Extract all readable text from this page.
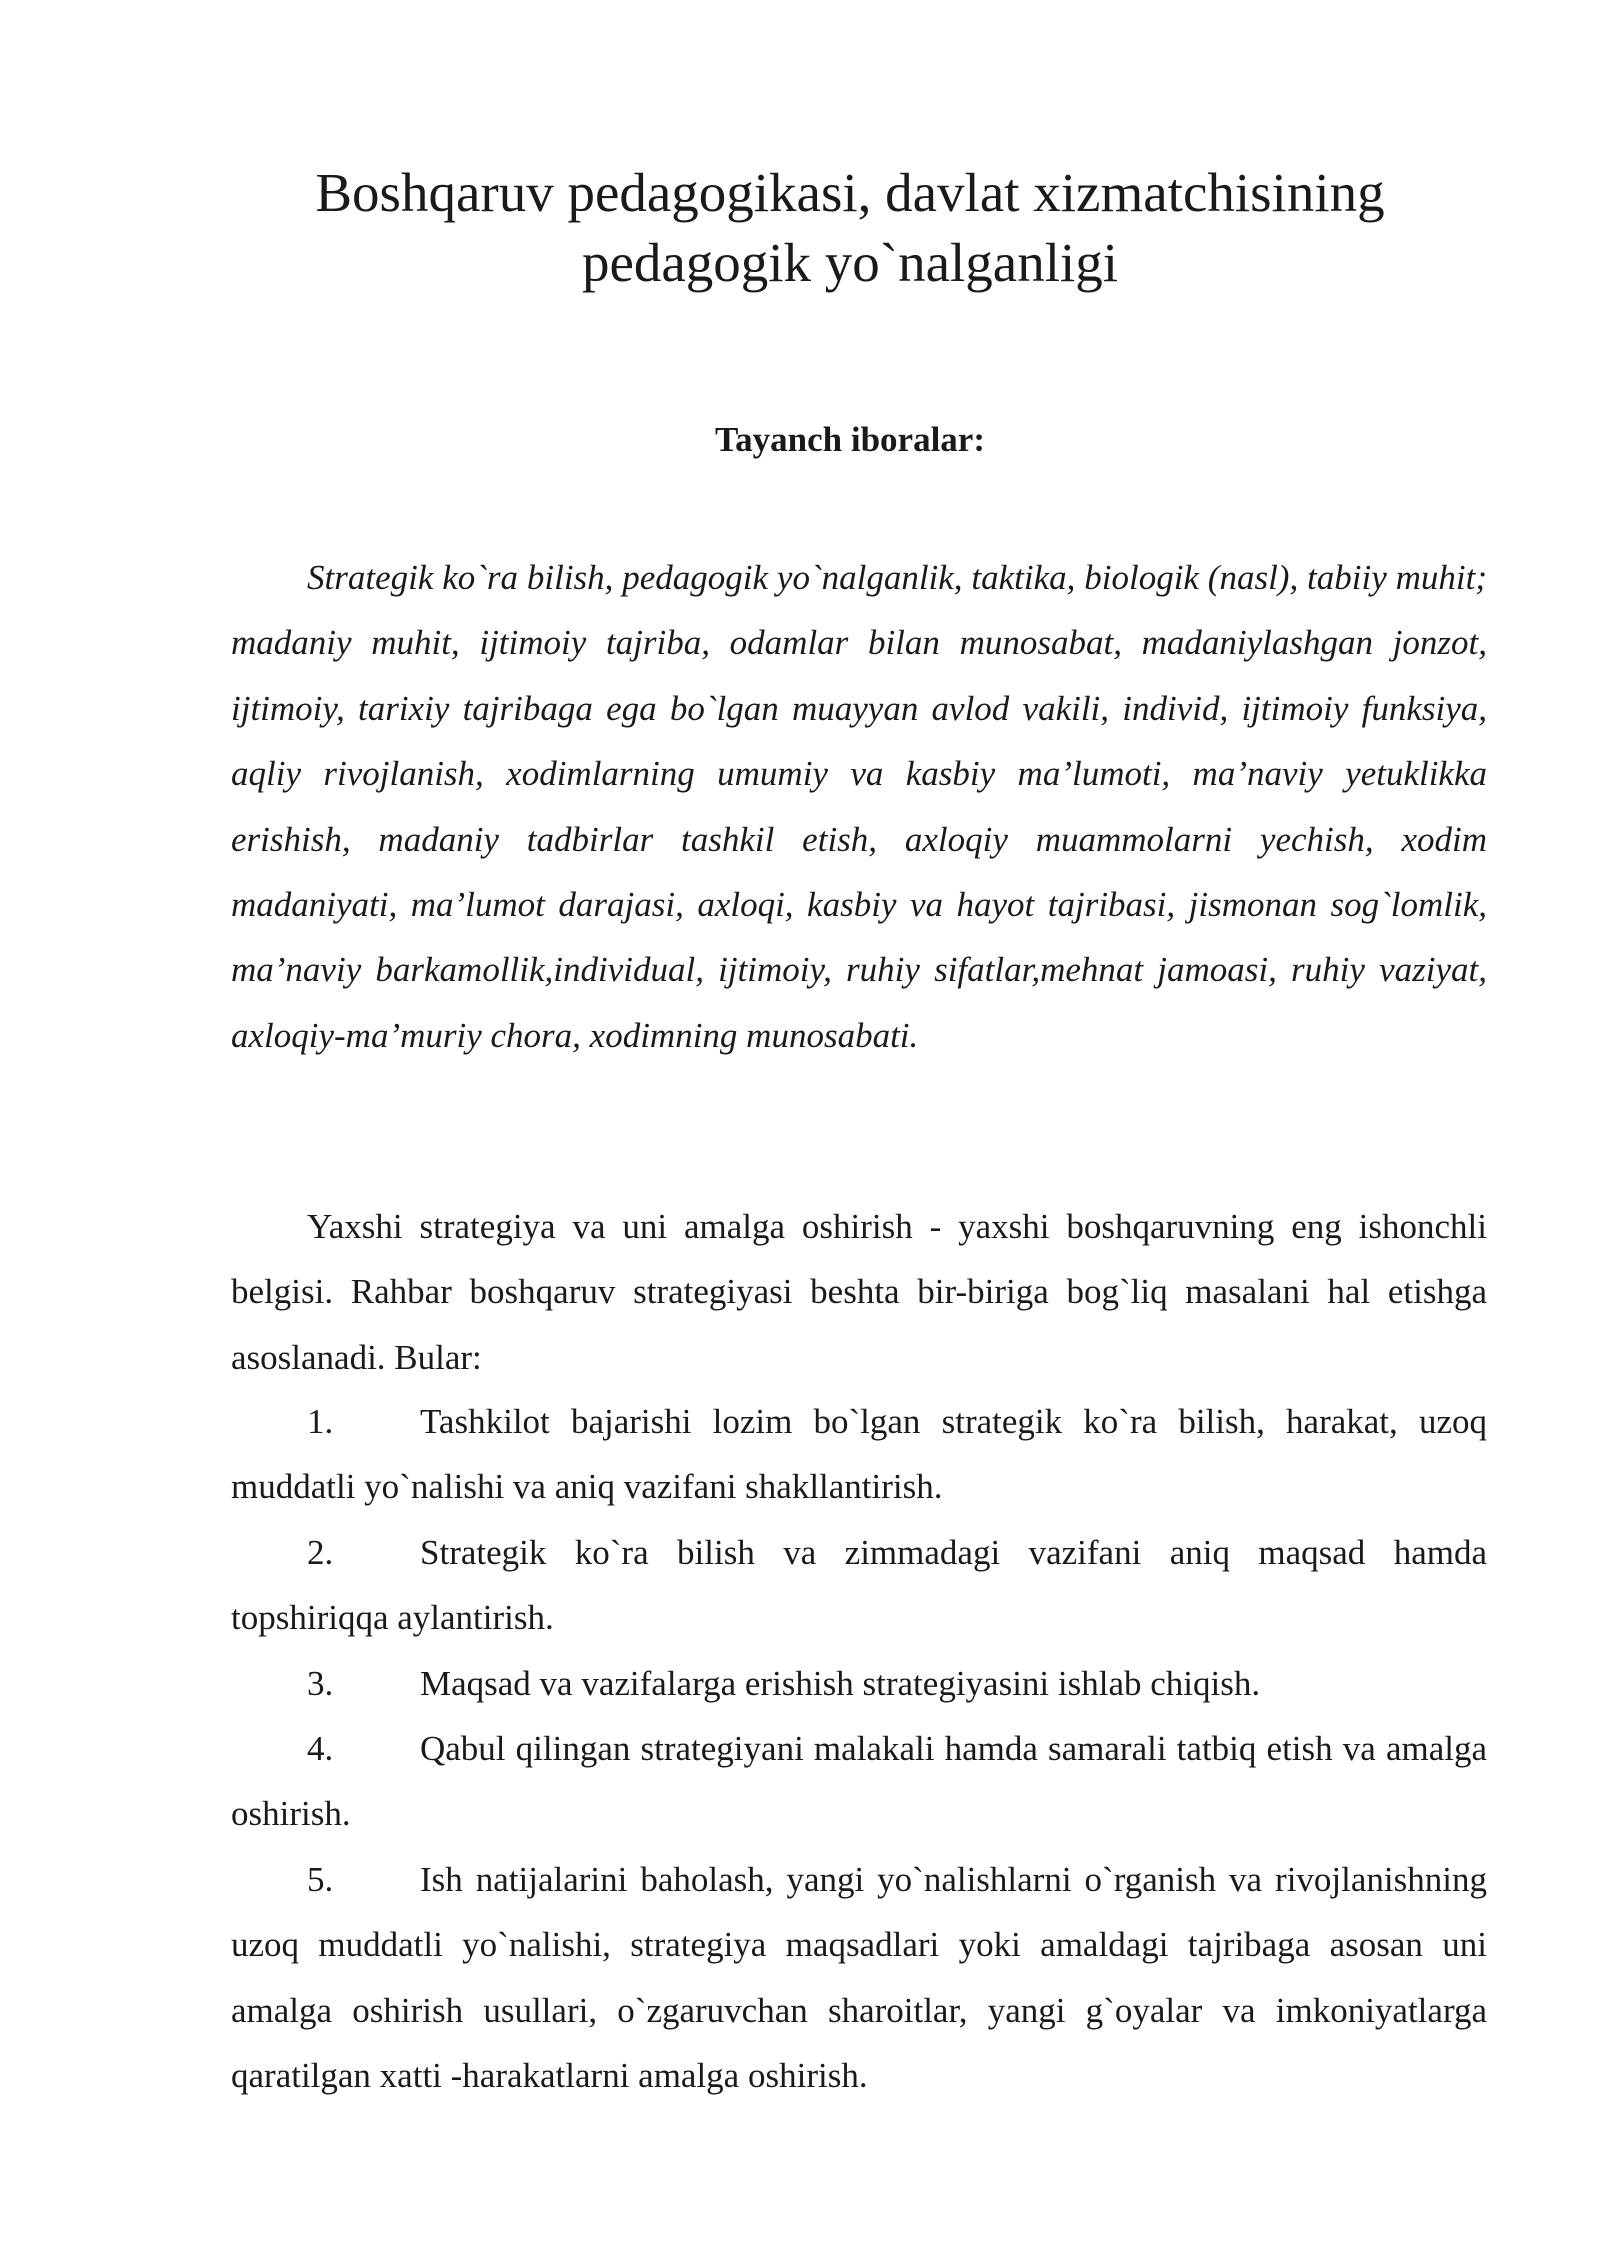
Boshqaruv pedagogikasi, davlat xizmatchisining
pedagogik yo`nalganligi
Tayanch iboralar:

Strategik ko`ra bilish, pedagogik yo`nalganlik, taktika, biologik (nasl), tabiiy muhit; madaniy muhit, ijtimoiy tajriba, odamlar bilan munosabat, madaniylashgan jonzot, ijtimoiy, tarixiy tajribaga ega bo`lgan muayyan avlod vakili, individ, ijtimoiy funksiya, aqliy rivojlanish, xodimlarning umumiy va kasbiy ma’lumoti, ma’naviy yetuklikka erishish, madaniy tadbirlar tashkil etish, axloqiy muammolarni yechish, xodim madaniyati, ma’lumot darajasi, axloqi, kasbiy va hayot tajribasi, jismonan sog`lomlik, ma’naviy barkamollik,individual, ijtimoiy, ruhiy sifatlar,mehnat jamoasi, ruhiy vaziyat, axloqiy-ma’muriy chora, xodimning munosabati.

Yaxshi strategiya va uni amalga oshirish - yaxshi boshqaruvning eng ishonchli belgisi. Rahbar boshqaruv strategiyasi beshta bir-biriga bog`liq masalani hal etishga asoslanadi. Bular:

1. Tashkilot bajarishi lozim bo`lgan strategik ko`ra bilish, harakat, uzoq muddatli yo`nalishi va aniq vazifani shakllantirish.
2. Strategik ko`ra bilish va zimmadagi vazifani aniq maqsad hamda topshiriqqa aylantirish.
3. Maqsad va vazifalarga erishish strategiyasini ishlab chiqish.
4. Qabul qilingan strategiyani malakali hamda samarali tatbiq etish va amalga oshirish.
5. Ish natijalarini baholash, yangi yo`nalishlarni o`rganish va rivojlanishning uzoq muddatli yo`nalishi, strategiya maqsadlari yoki amaldagi tajribaga asosan uni amalga oshirish usullari, o`zgaruvchan sharoitlar, yangi g`oyalar va imkoniyatlarga qaratilgan xatti -harakatlarni amalga oshirish.
